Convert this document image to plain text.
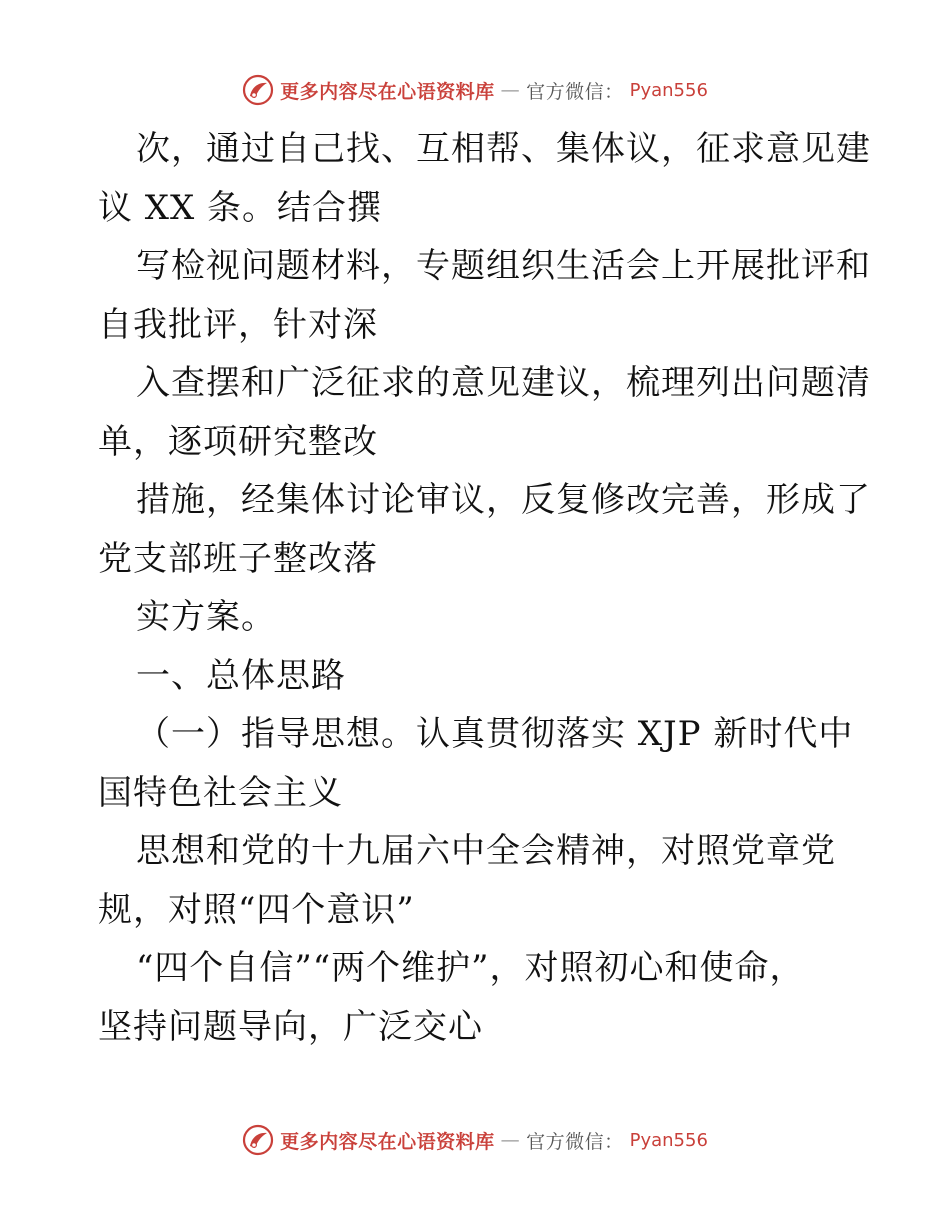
更多内容尽在心语资料库 — 官方微信： Pyan556
次，通过自己找、互相帮、集体议，征求意见建
议 XX 条。结合撰
写检视问题材料，专题组织生活会上开展批评和
自我批评，针对深
入查摆和广泛征求的意见建议，梳理列出问题清
单，逐项研究整改
措施，经集体讨论审议，反复修改完善，形成了
党支部班子整改落
实方案。
一、总体思路
（一）指导思想。认真贯彻落实 XJP 新时代中
国特色社会主义
思想和党的十九届六中全会精神，对照党章党
规，对照“四个意识”
“四个自信”“两个维护”，对照初心和使命，
坚持问题导向，广泛交心
更多内容尽在心语资料库 — 官方微信： Pyan556
